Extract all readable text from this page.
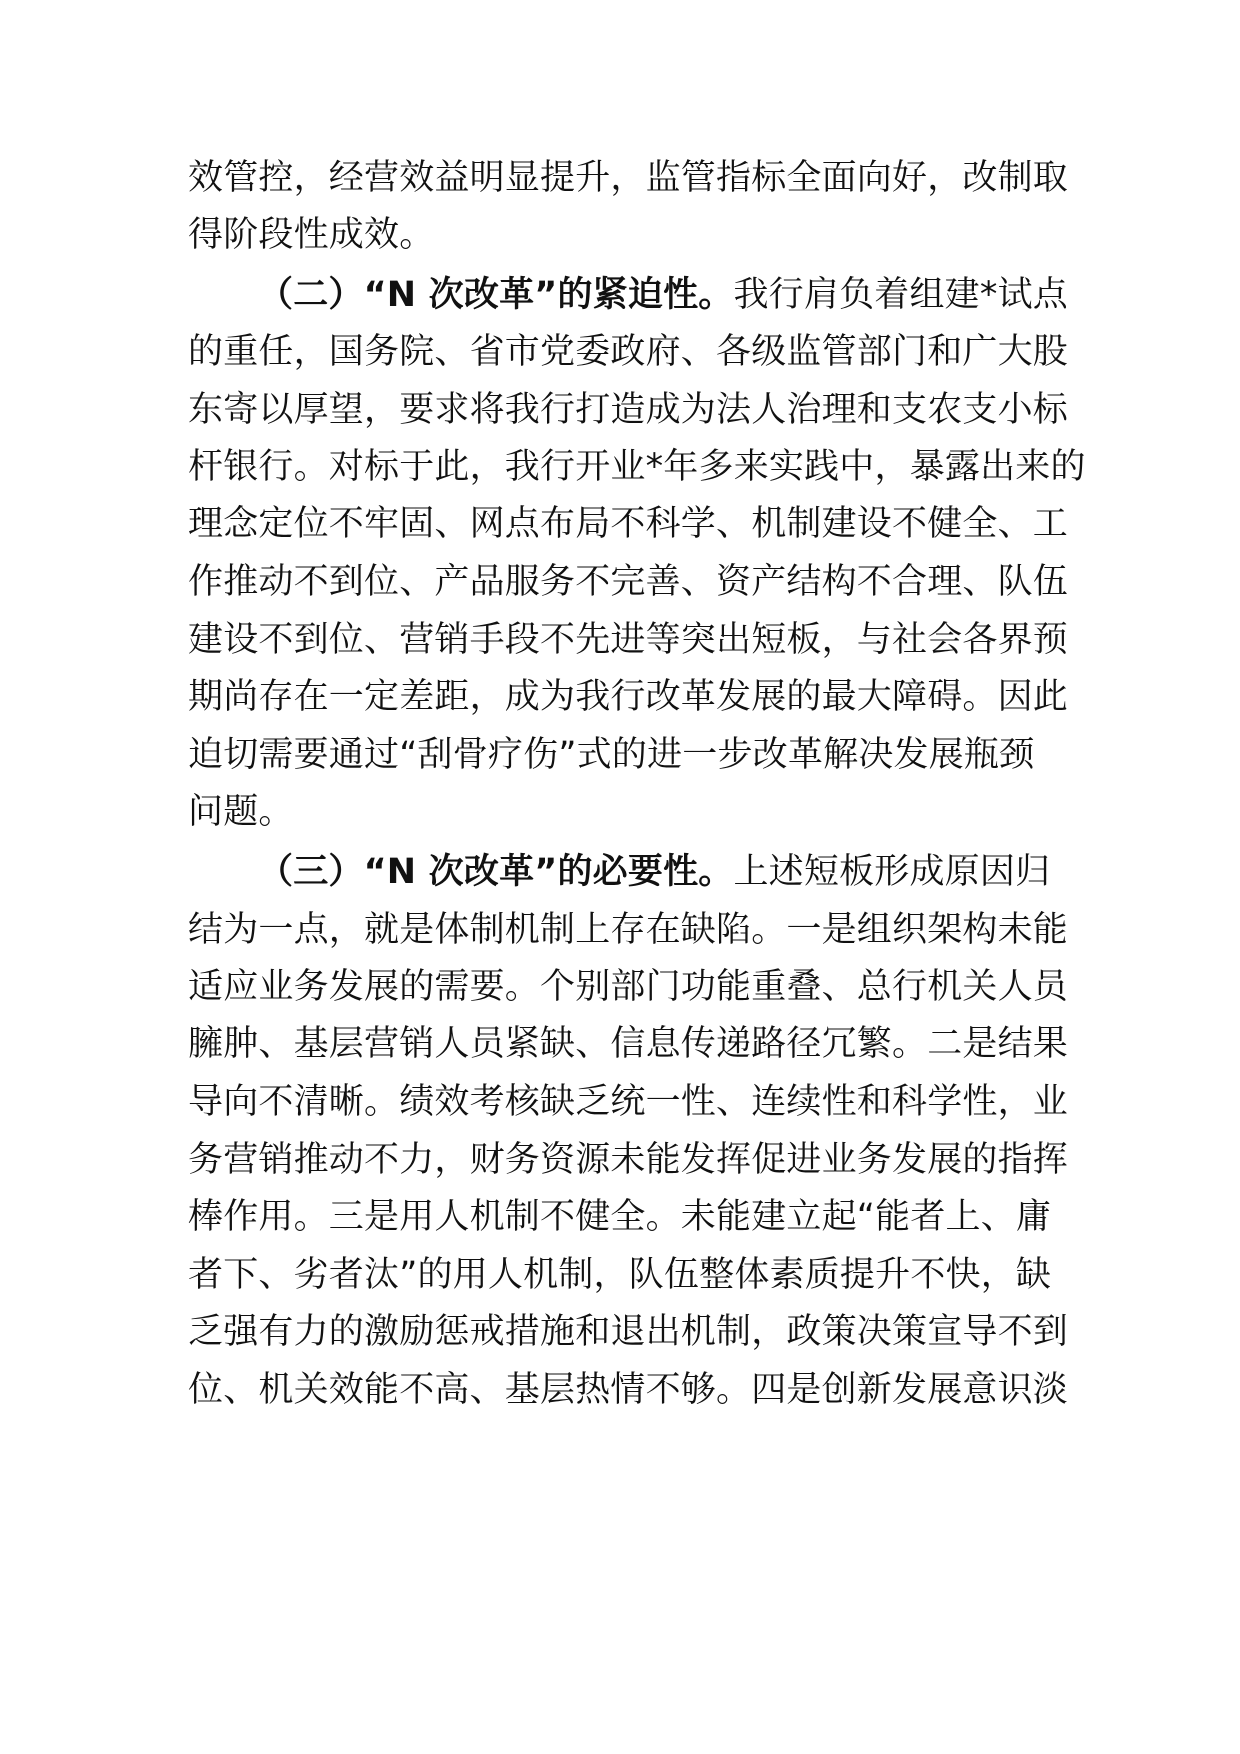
效管控，经营效益明显提升，监管指标全面向好，改制取
得阶段性成效。
（二）“N 次改革”的紧迫性。我行肩负着组建*试点
的重任，国务院、省市党委政府、各级监管部门和广大股
东寄以厚望，要求将我行打造成为法人治理和支农支小标
杆银行。对标于此，我行开业*年多来实践中，暴露出来的
理念定位不牢固、网点布局不科学、机制建设不健全、工
作推动不到位、产品服务不完善、资产结构不合理、队伍
建设不到位、营销手段不先进等突出短板，与社会各界预
期尚存在一定差距，成为我行改革发展的最大障碍。因此
迫切需要通过“刮骨疗伤”式的进一步改革解决发展瓶颈
问题。
（三）“N 次改革”的必要性。上述短板形成原因归
结为一点，就是体制机制上存在缺陷。一是组织架构未能
适应业务发展的需要。个别部门功能重叠、总行机关人员
臃肿、基层营销人员紧缺、信息传递路径冗繁。二是结果
导向不清晰。绩效考核缺乏统一性、连续性和科学性，业
务营销推动不力，财务资源未能发挥促进业务发展的指挥
棒作用。三是用人机制不健全。未能建立起“能者上、庸
者下、劣者汰”的用人机制，队伍整体素质提升不快，缺
乏强有力的激励惩戒措施和退出机制，政策决策宣导不到
位、机关效能不高、基层热情不够。四是创新发展意识淡
